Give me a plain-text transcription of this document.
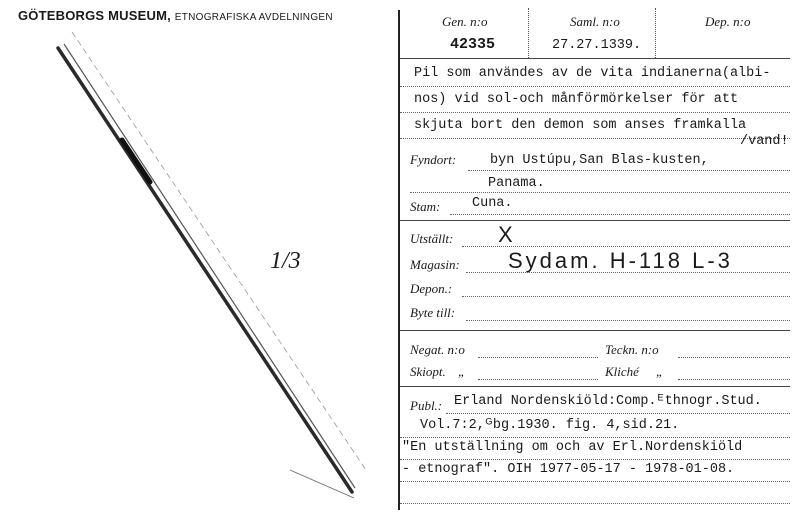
GÖTEBORGS MUSEUM, ETNOGRAFISKA AVDELNINGEN
1/3
Gen. n:o	Saml. n:o	Dep. n:o
42335	27.27.1339.
Pil som användes av de vita indianerna(albi-
nos) vid sol-och månförmörkelser för att
skjuta bort den demon som anses framkalla
/vand!
Fyndort:	byn Ustúpu,San Blas-kusten,
Panama.
Stam: Cuna.
Utställt: X
Magasin: Sydam. H-118 L-3
Depon.:
Byte till:
Negat. n:o	Teckn. n:o
Skiopt. „	Kliché „
Publ.: Erland Nordenskiöld:Comp.ᴱthnogr.Stud.
Vol.7:2,ᴳbg.1930. fig. 4,sid.21.
"En utställning om och av Erl.Nordenskiöld
- etnograf". OIH 1977-05-17 - 1978-01-08.
